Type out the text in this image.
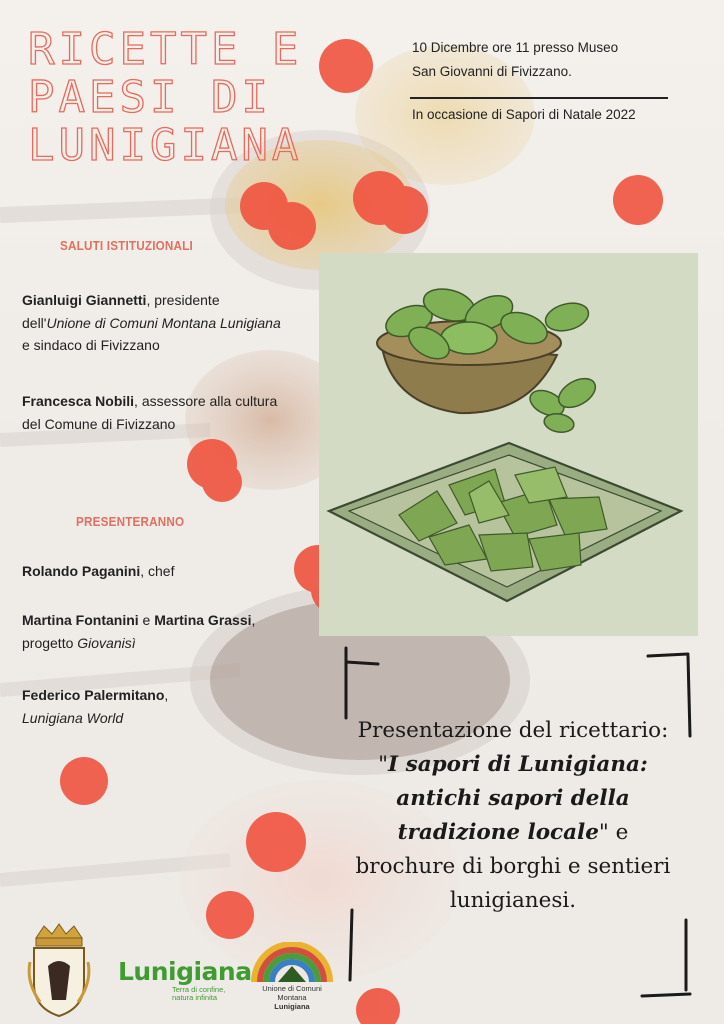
RICETTE E
PAESI DI
LUNIGIANA
10 Dicembre ore 11 presso Museo
San Giovanni di Fivizzano.
In occasione di Sapori di Natale 2022
SALUTI ISTITUZIONALI
Gianluigi Giannetti, presidente dell'Unione di Comuni Montana Lunigiana e sindaco di Fivizzano
Francesca Nobili, assessore alla cultura del Comune di Fivizzano
PRESENTERANNO
Rolando Paganini, chef
Martina Fontanini e Martina Grassi, progetto Giovanisì
Federico Palermitano,
Lunigiana World
Presentazione del ricettario: "I sapori di Lunigiana: antichi sapori della tradizione locale" e brochure di borghi e sentieri lunigianesi.
Lunigiana
Terra di confine, natura infinita
Unione di Comuni Montana
Lunigiana
